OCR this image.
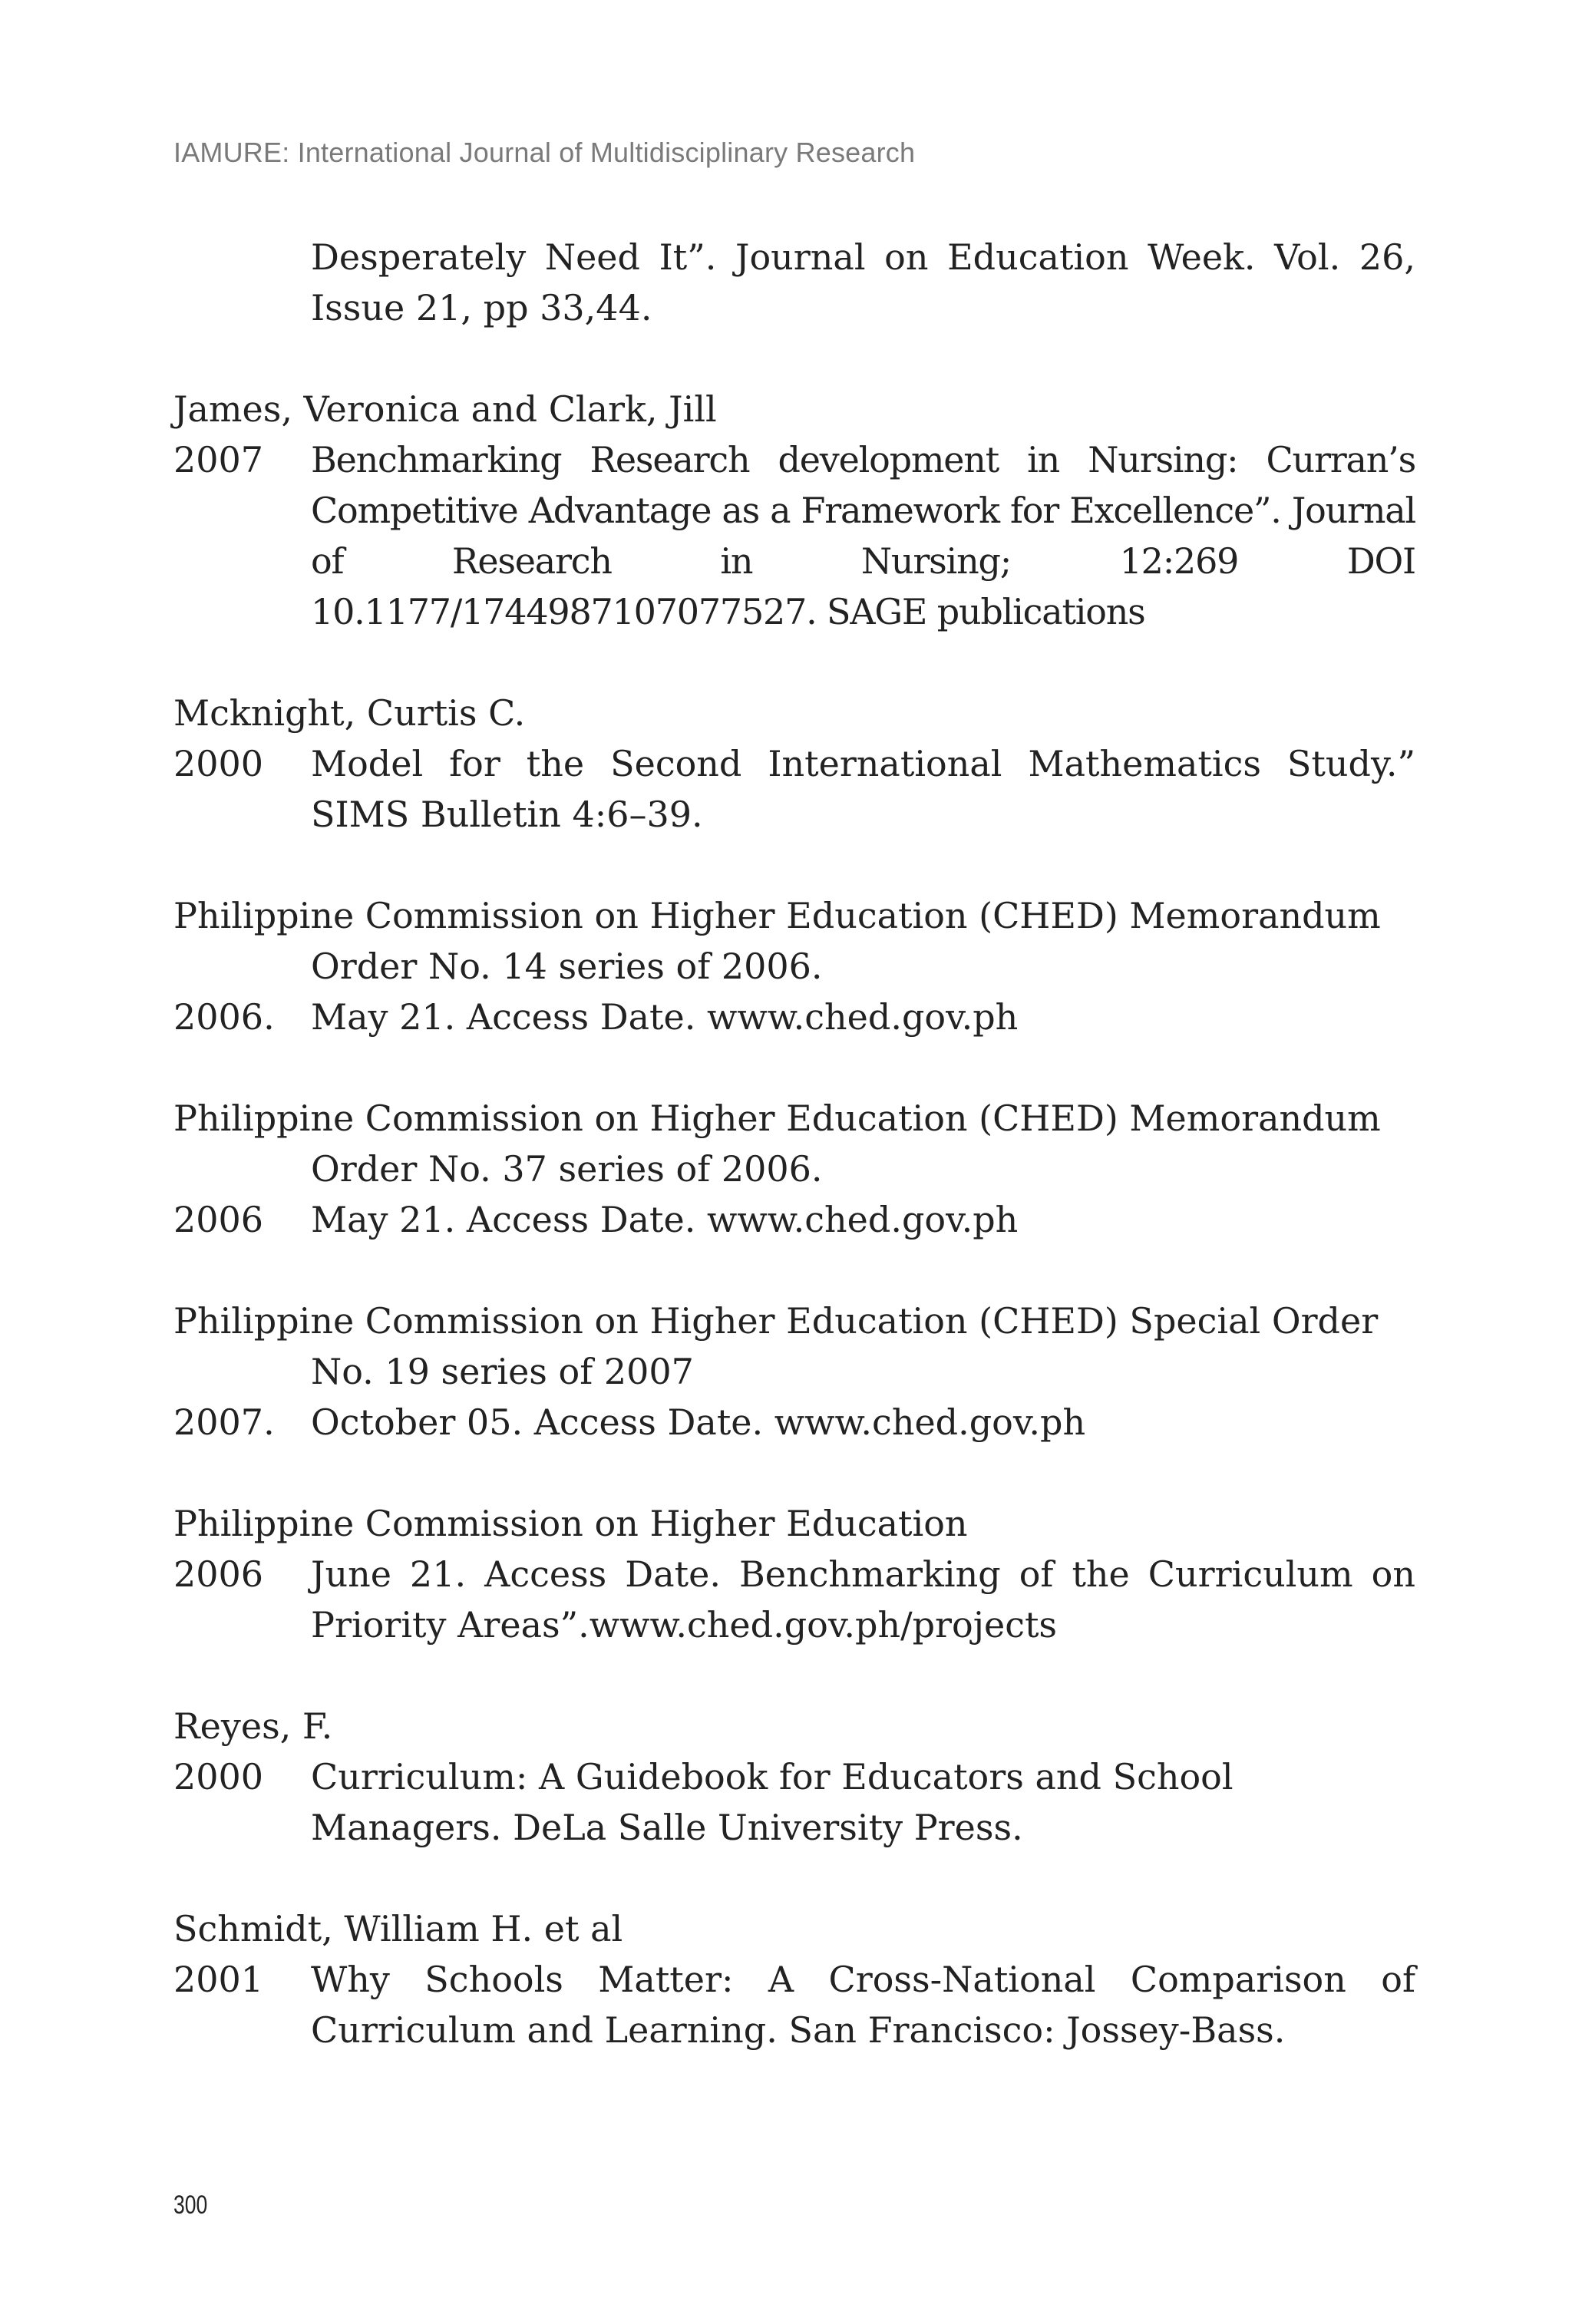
IAMURE: International Journal of Multidisciplinary Research
Desperately Need It”. Journal on Education Week. Vol. 26, Issue 21, pp 33,44.
James, Veronica and Clark, Jill
2007	Benchmarking Research development in Nursing: Curran’s Competitive Advantage as a Framework for Excellence”. Journal of Research in Nursing; 12:269 DOI 10.1177/1744987107077527. SAGE publications
Mcknight, Curtis C.
2000	Model for the Second International Mathematics Study.” SIMS Bulletin 4:6–39.
Philippine Commission on Higher Education (CHED) Memorandum
Order No. 14 series of 2006.
2006.	May 21. Access Date. www.ched.gov.ph
Philippine Commission on Higher Education (CHED) Memorandum
Order No. 37 series of 2006.
2006	May 21. Access Date. www.ched.gov.ph
Philippine Commission on Higher Education (CHED) Special Order
No. 19 series of 2007
2007.	October 05. Access Date. www.ched.gov.ph
Philippine Commission on Higher Education
2006	June 21. Access Date. Benchmarking of the Curriculum on Priority Areas”.www.ched.gov.ph/projects
Reyes, F.
2000	Curriculum: A Guidebook for Educators and School Managers. DeLa Salle University Press.
Schmidt, William H. et al
2001	Why Schools Matter: A Cross-National Comparison of Curriculum and Learning. San Francisco: Jossey-Bass.
300
